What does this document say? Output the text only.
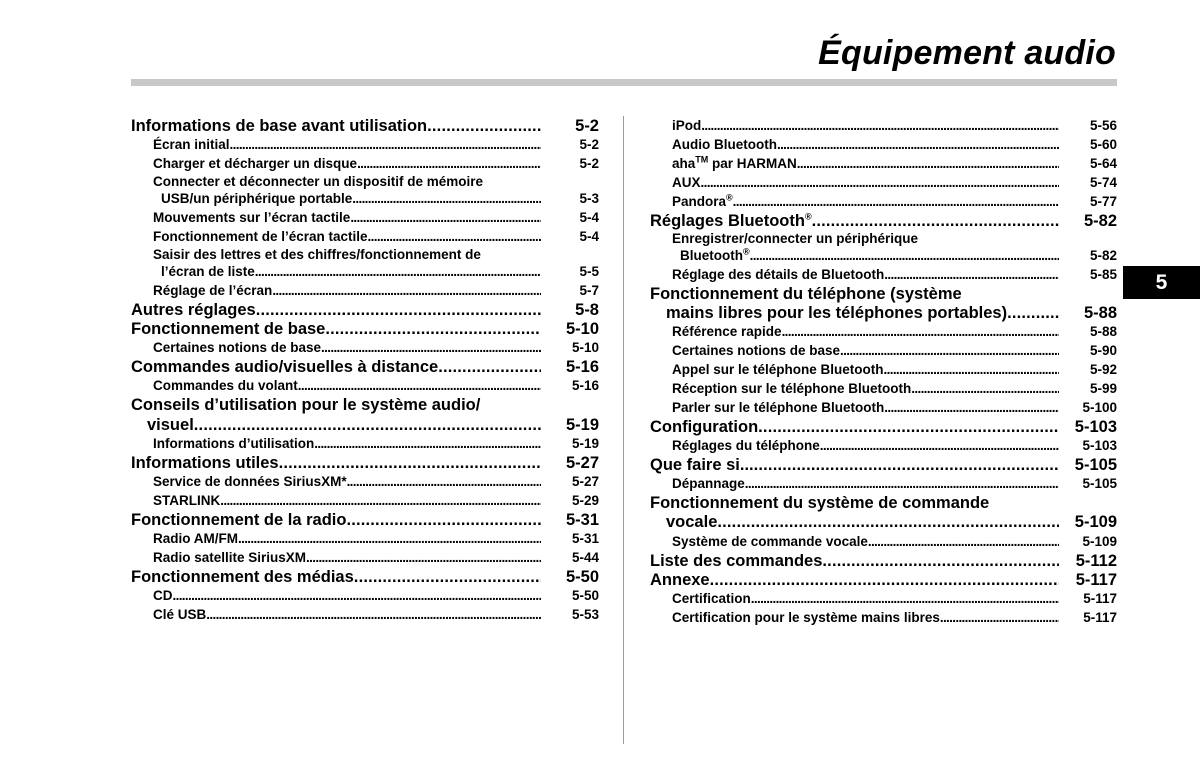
Équipement audio
5
Informations de base avant utilisation . . .	5-2
Écran initial . . .	5-2
Charger et décharger un disque . . .	5-2
Connecter et déconnecter un dispositif de mémoire
USB/un périphérique portable . . .	5-3
Mouvements sur l’écran tactile . . .	5-4
Fonctionnement de l’écran tactile . . .	5-4
Saisir des lettres et des chiffres/fonctionnement de
l’écran de liste . . .	5-5
Réglage de l’écran . . .	5-7
Autres réglages . . .	5-8
Fonctionnement de base . . .	5-10
Certaines notions de base . . .	5-10
Commandes audio/visuelles à distance . . .	5-16
Commandes du volant . . .	5-16
Conseils d’utilisation pour le système audio/
visuel . . .	5-19
Informations d’utilisation . . .	5-19
Informations utiles . . .	5-27
Service de données SiriusXM* . . .	5-27
STARLINK . . .	5-29
Fonctionnement de la radio . . .	5-31
Radio AM/FM . . .	5-31
Radio satellite SiriusXM . . .	5-44
Fonctionnement des médias . . .	5-50
CD . . .	5-50
Clé USB . . .	5-53
iPod . . .	5-56
Audio Bluetooth . . .	5-60
aha™ par HARMAN . . .	5-64
AUX . . .	5-74
Pandora® . . .	5-77
Réglages Bluetooth® . . .	5-82
Enregistrer/connecter un périphérique
Bluetooth® . . .	5-82
Réglage des détails de Bluetooth . . .	5-85
Fonctionnement du téléphone (système
mains libres pour les téléphones portables) . . .	5-88
Référence rapide . . .	5-88
Certaines notions de base . . .	5-90
Appel sur le téléphone Bluetooth . . .	5-92
Réception sur le téléphone Bluetooth . . .	5-99
Parler sur le téléphone Bluetooth . . .	5-100
Configuration . . .	5-103
Réglages du téléphone . . .	5-103
Que faire si... . . .	5-105
Dépannage . . .	5-105
Fonctionnement du système de commande
vocale . . .	5-109
Système de commande vocale . . .	5-109
Liste des commandes . . .	5-112
Annexe . . .	5-117
Certification . . .	5-117
Certification pour le système mains libres . . .	5-117
